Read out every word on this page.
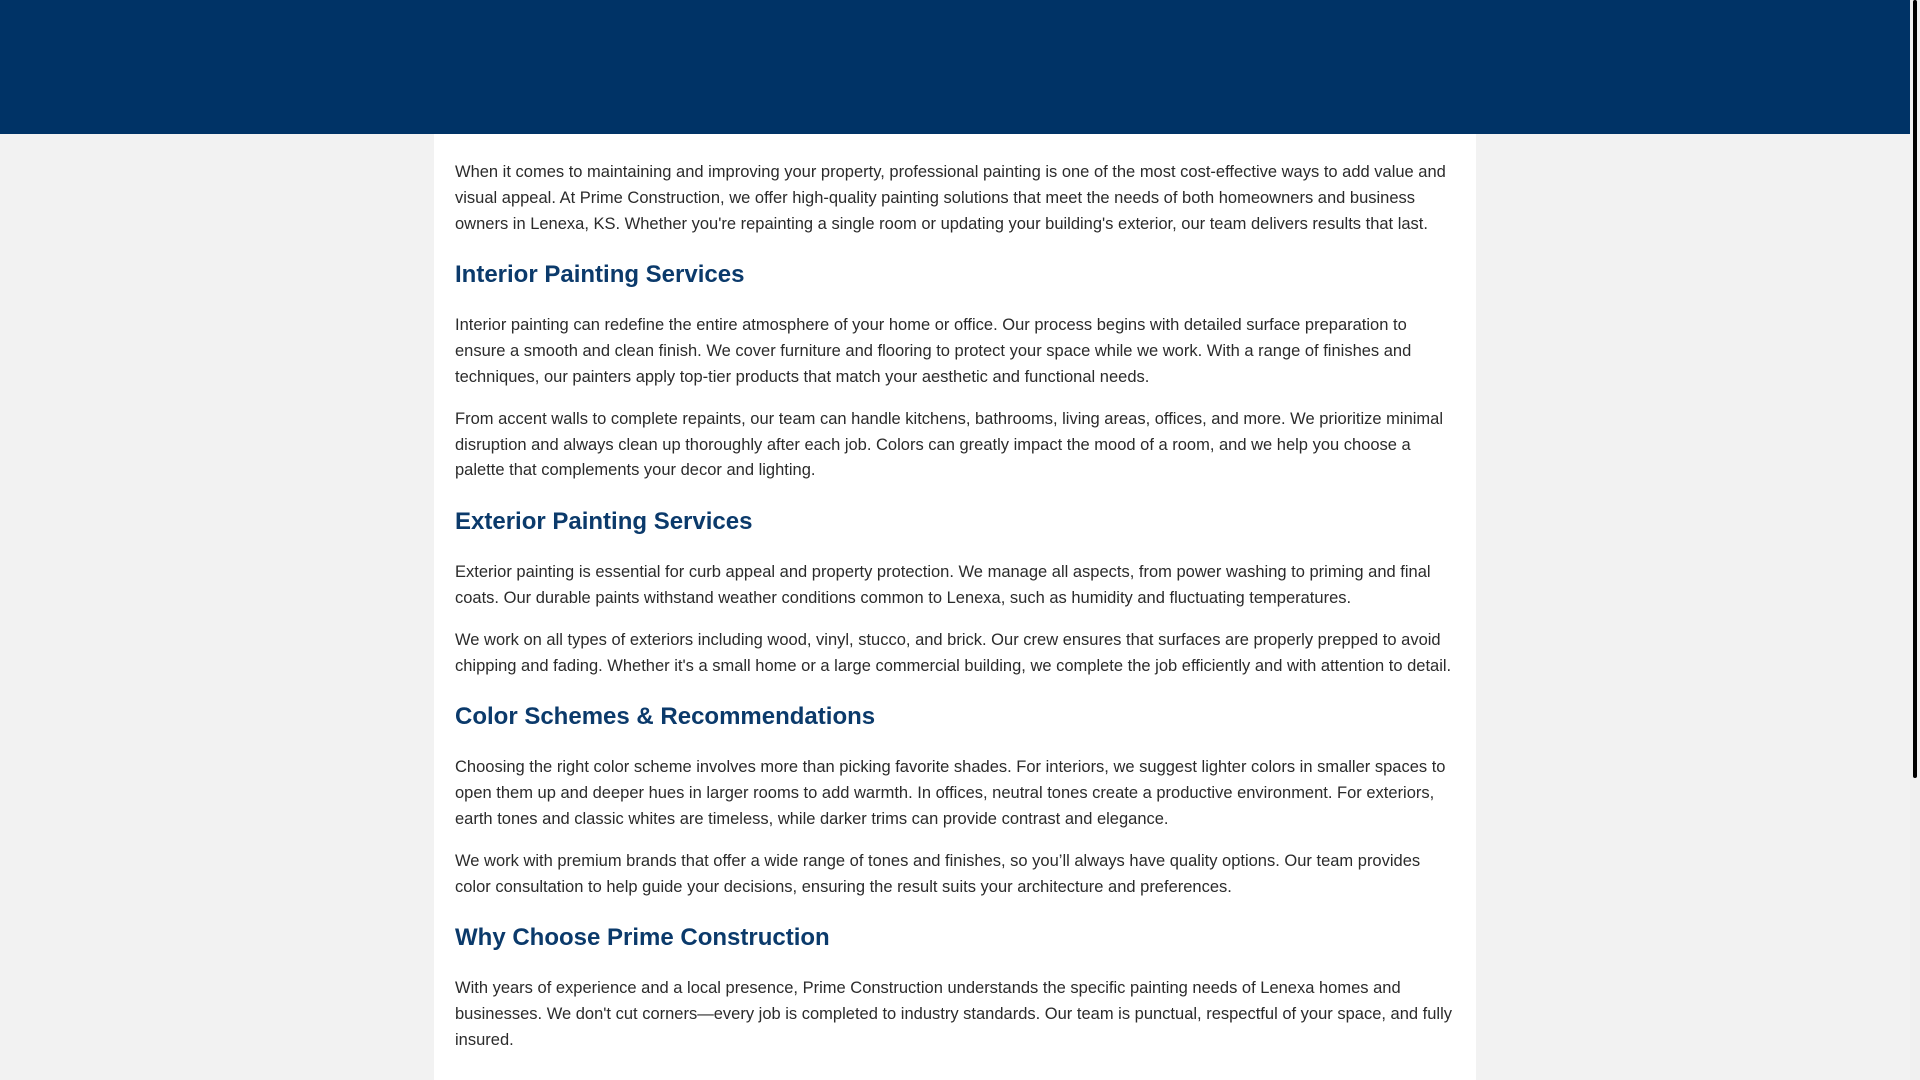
When it comes to maintaining and improving your property, professional painting is one of the most cost-effective ways to add value and visual appeal. At Prime Construction, we offer high-quality painting solutions that meet the needs of both homeowners and business owners in Lenexa, KS. Whether you're repainting a single room or updating your building's exterior, our team delivers results that last.

Interior Painting Services

Interior painting can redefine the entire atmosphere of your home or office. Our process begins with detailed surface preparation to ensure a smooth and clean finish. We cover furniture and flooring to protect your space while we work. With a range of finishes and techniques, our painters apply top-tier products that match your aesthetic and functional needs.

From accent walls to complete repaints, our team can handle kitchens, bathrooms, living areas, offices, and more. We prioritize minimal disruption and always clean up thoroughly after each job. Colors can greatly impact the mood of a room, and we help you choose a palette that complements your decor and lighting.

Exterior Painting Services

Exterior painting is essential for curb appeal and property protection. We manage all aspects, from power washing to priming and final coats. Our durable paints withstand weather conditions common to Lenexa, such as humidity and fluctuating temperatures.

We work on all types of exteriors including wood, vinyl, stucco, and brick. Our crew ensures that surfaces are properly prepped to avoid chipping and fading. Whether it's a small home or a large commercial building, we complete the job efficiently and with attention to detail.

Color Schemes & Recommendations

Choosing the right color scheme involves more than picking favorite shades. For interiors, we suggest lighter colors in smaller spaces to open them up and deeper hues in larger rooms to add warmth. In offices, neutral tones create a productive environment. For exteriors, earth tones and classic whites are timeless, while darker trims can provide contrast and elegance.

We work with premium brands that offer a wide range of tones and finishes, so you’ll always have quality options. Our team provides color consultation to help guide your decisions, ensuring the result suits your architecture and preferences.

Why Choose Prime Construction

With years of experience and a local presence, Prime Construction understands the specific painting needs of Lenexa homes and businesses. We don't cut corners—every job is completed to industry standards. Our team is punctual, respectful of your space, and fully insured.
